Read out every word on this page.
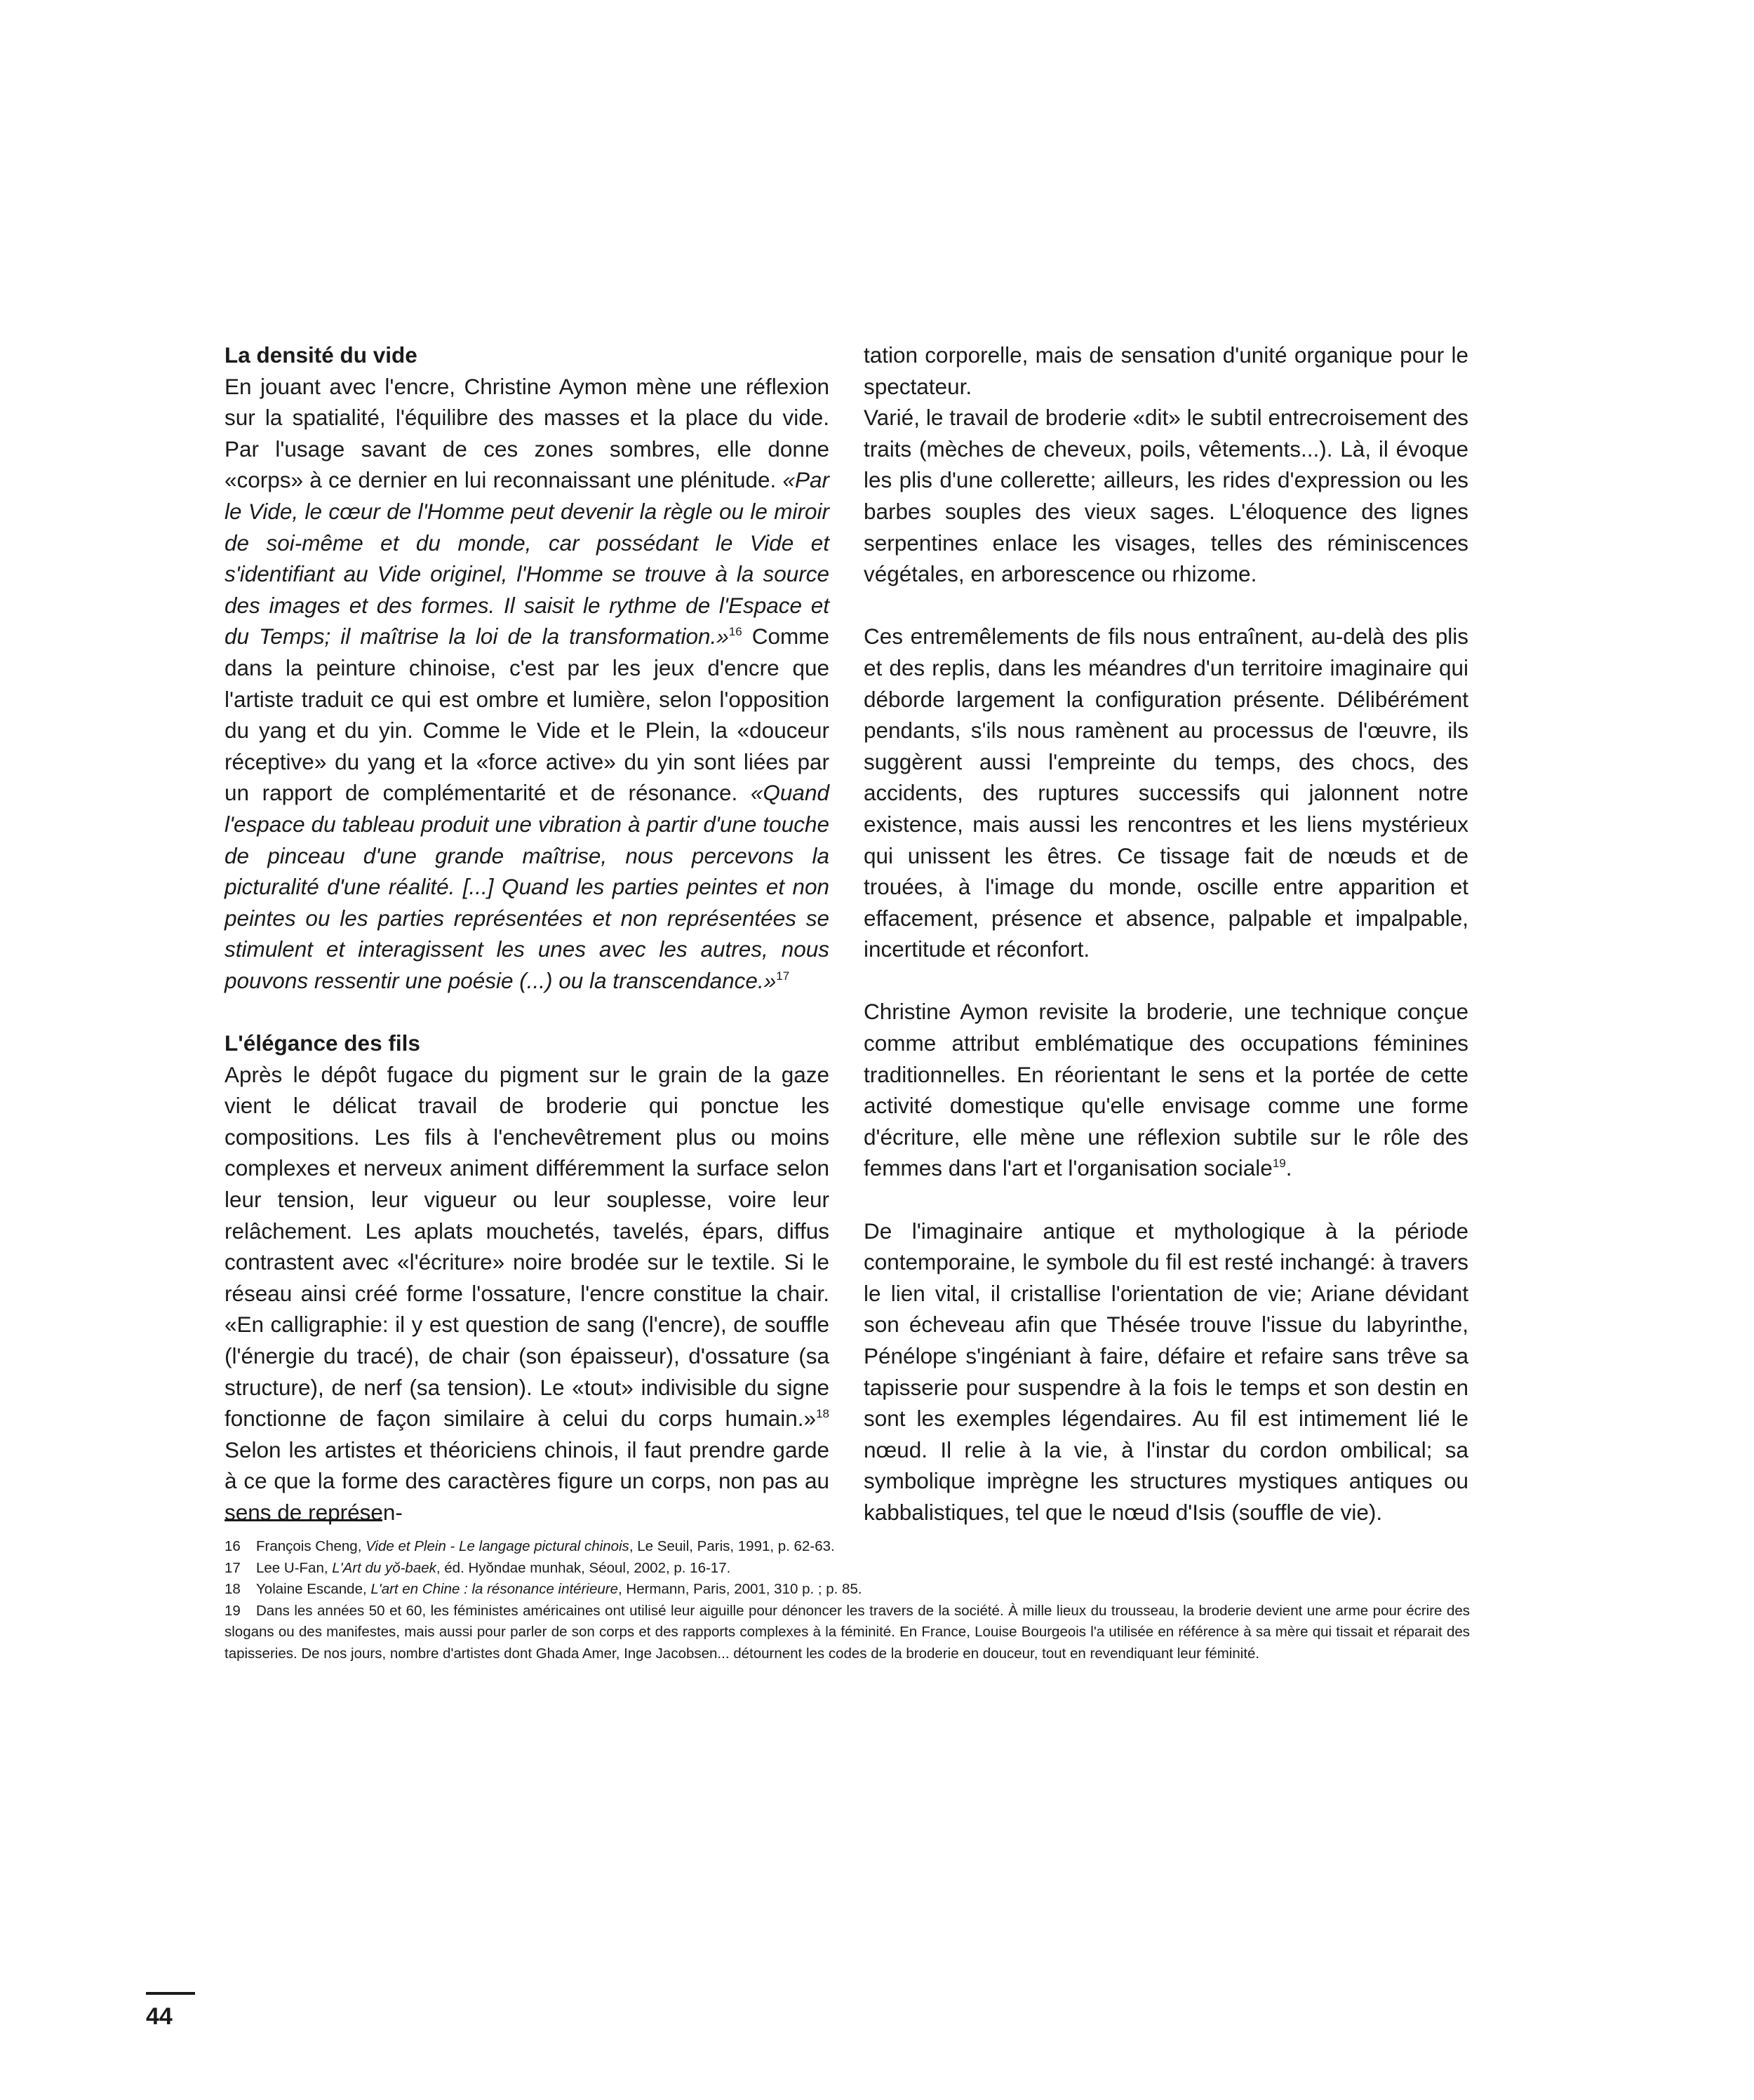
La densité du vide

En jouant avec l'encre, Christine Aymon mène une réflexion sur la spatialité, l'équilibre des masses et la place du vide. Par l'usage savant de ces zones sombres, elle donne «corps» à ce dernier en lui reconnaissant une plénitude. «Par le Vide, le cœur de l'Homme peut devenir la règle ou le miroir de soi-même et du monde, car possédant le Vide et s'identifiant au Vide originel, l'Homme se trouve à la source des images et des formes. Il saisit le rythme de l'Espace et du Temps; il maîtrise la loi de la transformation.»$^{16}$ Comme dans la peinture chinoise, c'est par les jeux d'encre que l'artiste traduit ce qui est ombre et lumière, selon l'opposition du yang et du yin. Comme le Vide et le Plein, la «douceur réceptive» du yang et la «force active» du yin sont liées par un rapport de complémentarité et de résonance. «Quand l'espace du tableau produit une vibration à partir d'une touche de pinceau d'une grande maîtrise, nous percevons la picturalité d'une réalité. [...] Quand les parties peintes et non peintes ou les parties représentées et non représentées se stimulent et interagissent les unes avec les autres, nous pouvons ressentir une poésie (...) ou la transcendance.»$^{17}$

L'élégance des fils

Après le dépôt fugace du pigment sur le grain de la gaze vient le délicat travail de broderie qui ponctue les compositions. Les fils à l'enchevêtrement plus ou moins complexes et nerveux animent différemment la surface selon leur tension, leur vigueur ou leur souplesse, voire leur relâchement. Les aplats mouchetés, tavelés, épars, diffus contrastent avec «l'écriture» noire brodée sur le textile. Si le réseau ainsi créé forme l'ossature, l'encre constitue la chair. «En calligraphie: il y est question de sang (l'encre), de souffle (l'énergie du tracé), de chair (son épaisseur), d'ossature (sa structure), de nerf (sa tension). Le «tout» indivisible du signe fonctionne de façon similaire à celui du corps humain.»$^{18}$ Selon les artistes et théoriciens chinois, il faut prendre garde à ce que la forme des caractères figure un corps, non pas au sens de représen-

tation corporelle, mais de sensation d'unité organique pour le spectateur.

Varié, le travail de broderie «dit» le subtil entrecroisement des traits (mèches de cheveux, poils, vêtements...). Là, il évoque les plis d'une collerette; ailleurs, les rides d'expression ou les barbes souples des vieux sages. L'éloquence des lignes serpentines enlace les visages, telles des réminiscences végétales, en arborescence ou rhizome.

Ces entremêlements de fils nous entraînent, au-delà des plis et des replis, dans les méandres d'un territoire imaginaire qui déborde largement la configuration présente. Délibérément pendants, s'ils nous ramènent au processus de l'œuvre, ils suggèrent aussi l'empreinte du temps, des chocs, des accidents, des ruptures successifs qui jalonnent notre existence, mais aussi les rencontres et les liens mystérieux qui unissent les êtres. Ce tissage fait de nœuds et de trouées, à l'image du monde, oscille entre apparition et effacement, présence et absence, palpable et impalpable, incertitude et réconfort.

Christine Aymon revisite la broderie, une technique conçue comme attribut emblématique des occupations féminines traditionnelles. En réorientant le sens et la portée de cette activité domestique qu'elle envisage comme une forme d'écriture, elle mène une réflexion subtile sur le rôle des femmes dans l'art et l'organisation sociale$^{19}$.

De l'imaginaire antique et mythologique à la période contemporaine, le symbole du fil est resté inchangé: à travers le lien vital, il cristallise l'orientation de vie; Ariane dévidant son écheveau afin que Thésée trouve l'issue du labyrinthe, Pénélope s'ingéniant à faire, défaire et refaire sans trêve sa tapisserie pour suspendre à la fois le temps et son destin en sont les exemples légendaires. Au fil est intimement lié le nœud. Il relie à la vie, à l'instar du cordon ombilical; sa symbolique imprègne les structures mystiques antiques ou kabbalistiques, tel que le nœud d'Isis (souffle de vie).

16 François Cheng, Vide et Plein - Le langage pictural chinois, Le Seuil, Paris, 1991, p. 62-63.

17 Lee U-Fan, L'Art du yŏ-baek, éd. Hyŏndae munhak, Séoul, 2002, p. 16-17.

18 Yolaine Escande, L'art en Chine : la résonance intérieure, Hermann, Paris, 2001, 310 p. ; p. 85.

19 Dans les années 50 et 60, les féministes américaines ont utilisé leur aiguille pour dénoncer les travers de la société. À mille lieux du trousseau, la broderie devient une arme pour écrire des slogans ou des manifestes, mais aussi pour parler de son corps et des rapports complexes à la féminité. En France, Louise Bourgeois l'a utilisée en référence à sa mère qui tissait et réparait des tapisseries. De nos jours, nombre d'artistes dont Ghada Amer, Inge Jacobsen... détournent les codes de la broderie en douceur, tout en revendiquant leur féminité.

44
